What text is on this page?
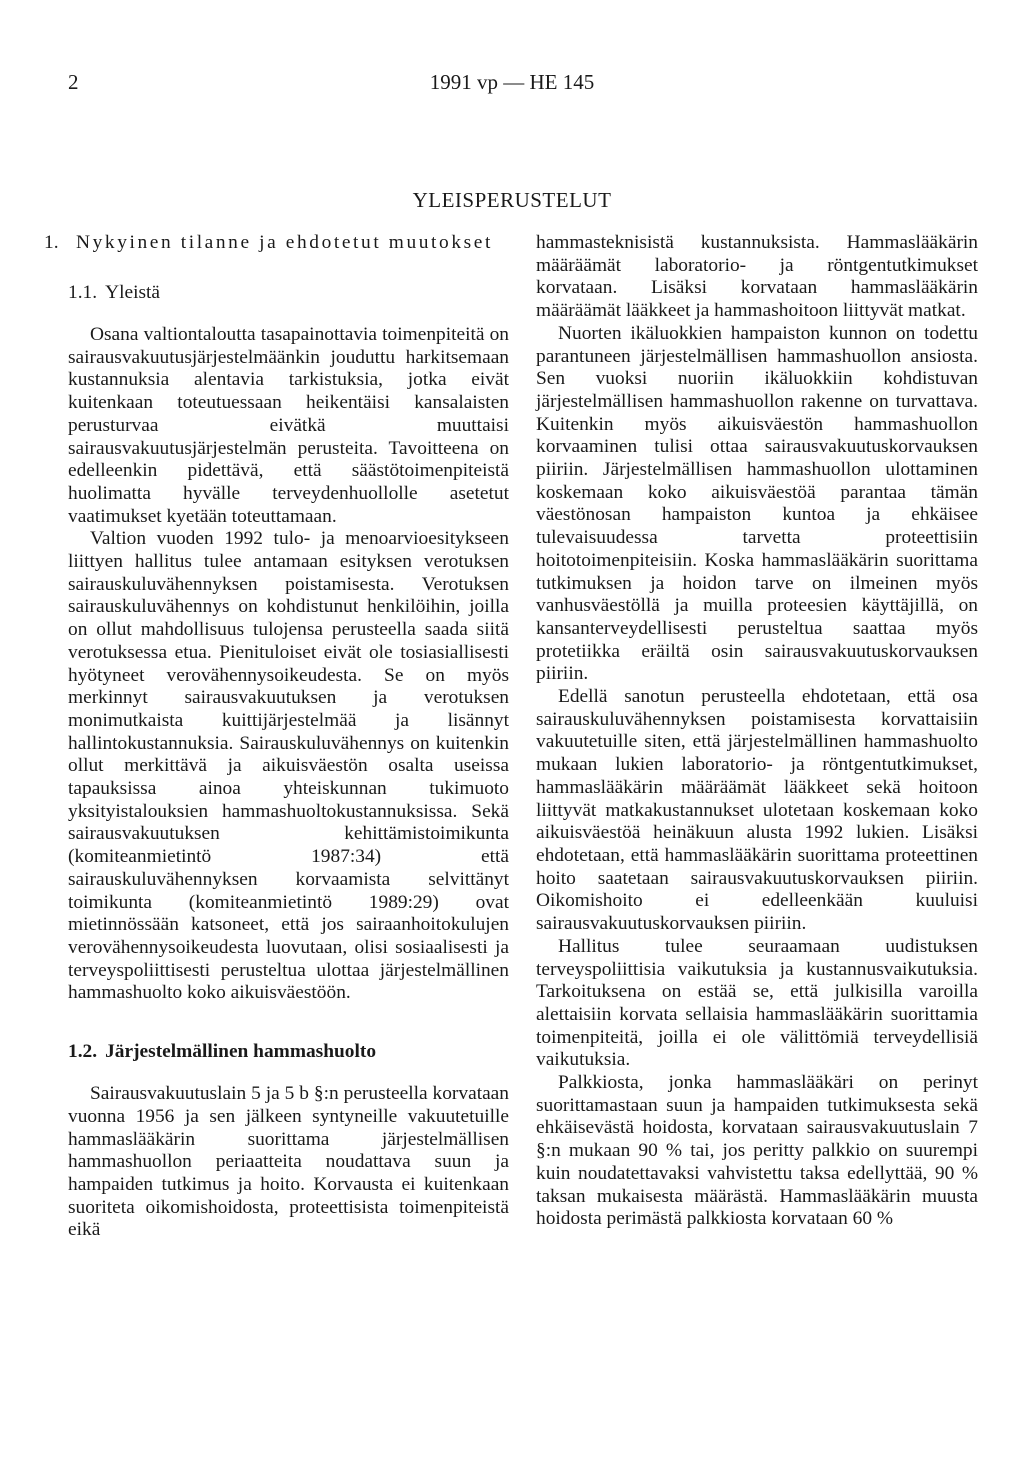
2	1991 vp — HE 145
YLEISPERUSTELUT
1. Nykyinen tilanne ja ehdotetut muutokset
1.1. Yleistä

Osana valtiontaloutta tasapainottavia toimenpiteitä on sairausvakuutusjärjestelmäänkin jouduttu harkitsemaan kustannuksia alentavia tarkistuksia, jotka eivät kuitenkaan toteutuessaan heikentäisi kansalaisten perusturvaa eivätkä muuttaisi sairausvakuutusjärjestelmän perusteita. Tavoitteena on edelleenkin pidettävä, että säästötoimenpiteistä huolimatta hyvälle terveydenhuollolle asetetut vaatimukset kyetään toteuttamaan.

Valtion vuoden 1992 tulo- ja menoarvioesitykseen liittyen hallitus tulee antamaan esityksen verotuksen sairauskuluvähennyksen poistamisesta. Verotuksen sairauskuluvähennys on kohdistunut henkilöihin, joilla on ollut mahdollisuus tulojensa perusteella saada siitä verotuksessa etua. Pienituloiset eivät ole tosiasiallisesti hyötyneet verovähennysoikeudesta. Se on myös merkinnyt sairausvakuutuksen ja verotuksen monimutkaista kuittijärjestelmää ja lisännyt hallintokustannuksia. Sairauskuluvähennys on kuitenkin ollut merkittävä ja aikuisväestön osalta useissa tapauksissa ainoa yhteiskunnan tukimuoto yksityistalouksien hammashuoltokustannuksissa. Sekä sairausvakuutuksen kehittämistoimikunta (komiteanmietintö 1987:34) että sairauskuluvähennyksen korvaamista selvittänyt toimikunta (komiteanmietintö 1989:29) ovat mietinnössään katsoneet, että jos sairaanhoitokulujen verovähennysoikeudesta luovutaan, olisi sosiaalisesti ja terveyspoliittisesti perusteltua ulottaa järjestelmällinen hammashuolto koko aikuisväestöön.

1.2. Järjestelmällinen hammashuolto

Sairausvakuutuslain 5 ja 5 b §:n perusteella korvataan vuonna 1956 ja sen jälkeen syntyneille vakuutetuille hammaslääkärin suorittama järjestelmällisen hammashuollon periaatteita noudattava suun ja hampaiden tutkimus ja hoito. Korvausta ei kuitenkaan suoriteta oikomishoidosta, proteettisista toimenpiteistä eikä

hammasteknisistä kustannuksista. Hammaslääkärin määräämät laboratorio- ja röntgentutkimukset korvataan. Lisäksi korvataan hammaslääkärin määräämät lääkkeet ja hammashoitoon liittyvät matkat.

Nuorten ikäluokkien hampaiston kunnon on todettu parantuneen järjestelmällisen hammashuollon ansiosta. Sen vuoksi nuoriin ikäluokkiin kohdistuvan järjestelmällisen hammashuollon rakenne on turvattava. Kuitenkin myös aikuisväestön hammashuollon korvaaminen tulisi ottaa sairausvakuutuskorvauksen piiriin. Järjestelmällisen hammashuollon ulottaminen koskemaan koko aikuisväestöä parantaa tämän väestönosan hampaiston kuntoa ja ehkäisee tulevaisuudessa tarvetta proteettisiin hoitotoimenpiteisiin. Koska hammaslääkärin suorittama tutkimuksen ja hoidon tarve on ilmeinen myös vanhusväestöllä ja muilla proteesien käyttäjillä, on kansanterveydellisesti perusteltua saattaa myös protetiikka eräiltä osin sairausvakuutuskorvauksen piiriin.

Edellä sanotun perusteella ehdotetaan, että osa sairauskuluvähennyksen poistamisesta korvattaisiin vakuutetuille siten, että järjestelmällinen hammashuolto mukaan lukien laboratorio- ja röntgentutkimukset, hammaslääkärin määräämät lääkkeet sekä hoitoon liittyvät matkakustannukset ulotetaan koskemaan koko aikuisväestöä heinäkuun alusta 1992 lukien. Lisäksi ehdotetaan, että hammaslääkärin suorittama proteettinen hoito saatetaan sairausvakuutuskorvauksen piiriin. Oikomishoito ei edelleenkään kuuluisi sairausvakuutuskorvauksen piiriin.

Hallitus tulee seuraamaan uudistuksen terveyspoliittisia vaikutuksia ja kustannusvaikutuksia. Tarkoituksena on estää se, että julkisilla varoilla alettaisiin korvata sellaisia hammaslääkärin suorittamia toimenpiteitä, joilla ei ole välittömiä terveydellisiä vaikutuksia.

Palkkiosta, jonka hammaslääkäri on perinyt suorittamastaan suun ja hampaiden tutkimuksesta sekä ehkäisevästä hoidosta, korvataan sairausvakuutuslain 7 §:n mukaan 90 % tai, jos peritty palkkio on suurempi kuin noudatettavaksi vahvistettu taksa edellyttää, 90 % taksan mukaisesta määrästä. Hammaslääkärin muusta hoidosta perimästä palkkiosta korvataan 60 %
